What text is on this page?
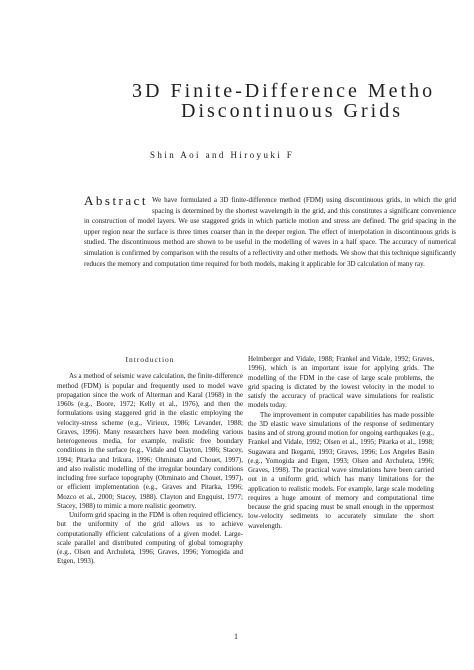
3D Finite-Difference Metho
Discontinuous Grids
Shin Aoi and Hiroyuki F
Abstract We have formulated a 3D finite-difference method (FDM) using discontinuous grids, in which the grid spacing is determined by the shortest wavelength in the grid, and this constitutes a significant convenience in construction of model layers. We use staggered grids in which particle motion and stress are defined. The grid spacing in the upper region near the surface is three times coarser than in the deeper region. The effect of interpolation in discontinuous grids is studied. The discontinuous method are shown to be useful in the modelling of waves in a half space. The accuracy of numerical simulation is confirmed by comparison with the results of a reflectivity and other methods. We show that this technique significantly reduces the memory and computation time required for both models, making it applicable for 3D calculation of many ray.
Introduction

As a method of seismic wave calculation, the finite-difference method (FDM) is popular and frequently used to model wave propagation since the work of Alterman and Karal (1968) in the 1960s (e.g., Boore, 1972; Kelly et al., 1976), and then the formulations using staggered grid in the elastic employing the velocity-stress scheme (e.g., Virieux, 1986; Levander, 1988; Graves, 1996). Many researchers have been modeling various heterogeneous media, for example, realistic free boundary conditions in the surface (e.g., Vidale and Clayton, 1986; Stacey, 1994; Pitarka and Irikura, 1996; Ohminato and Chouet, 1997), and also realistic modelling of the irregular boundary conditions including free surface topography (Ohminato and Chouet, 1997), or efficient implementation (e.g., Graves and Pitarka, 1996; Mozco et al., 2000; Stacey, 1988). Clayton and Engquist, 1977; Stacey, 1988) to mimic a more realistic geometry.

Uniform grid spacing in the FDM is often required efficiency, but the uniformity of the grid allows us to achieve computationally efficient calculations of a given model. Large-scale parallel and distributed computing of global tomography (e.g., Olsen and Archuleta, 1996; Graves, 1996; Yomogida and Etgen, 1993).

Helmberger and Vidale, 1988; Frankel and Vidale, 1992; Graves, 1996), which is an important issue for applying grids. The modelling of the FDM in the case of large scale problems, the grid spacing is dictated by the lowest velocity in the model to satisfy the accuracy of practical wave simulations for realistic models today.

The improvement in computer capabilities has made possible the 3D elastic wave simulations of the response of sedimentary basins and of strong ground motion for ongoing earthquakes (e.g., Frankel and Vidale, 1992; Olsen et al., 1995; Pitarka et al., 1998; Sugawara and Ikegami, 1993; Graves, 1996; Los Angeles Basin (e.g., Yomogida and Etgen, 1993; Olsen and Archuleta, 1996; Graves, 1998). The practical wave simulations have been carried out in a uniform grid, which has many limitations for the application to realistic models. For example, large scale modeling requires a huge amount of memory and computational time because the grid spacing must be small enough in the uppermost low-velocity sediments to accurately simulate the short wavelength.

1
